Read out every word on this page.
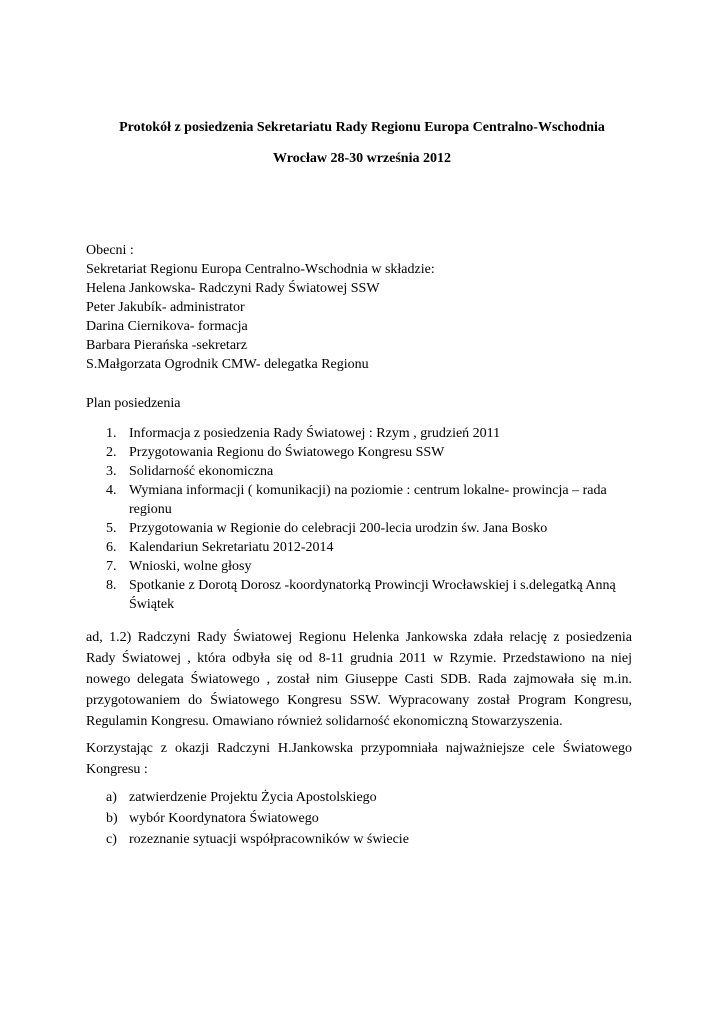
Protokół z posiedzenia Sekretariatu Rady Regionu Europa Centralno-Wschodnia
Wrocław 28-30 września 2012
Obecni :
Sekretariat Regionu Europa Centralno-Wschodnia w składzie:
Helena Jankowska- Radczyni Rady Światowej SSW
Peter Jakubík- administrator
Darina Ciernikova- formacja
Barbara Pierańska -sekretarz
S.Małgorzata Ogrodnik CMW- delegatka Regionu
Plan posiedzenia
1. Informacja z posiedzenia Rady Światowej : Rzym , grudzień 2011
2. Przygotowania Regionu do Światowego Kongresu SSW
3. Solidarność ekonomiczna
4. Wymiana informacji ( komunikacji) na poziomie : centrum lokalne- prowincja – rada regionu
5. Przygotowania w Regionie do celebracji 200-lecia urodzin św. Jana Bosko
6. Kalendariun Sekretariatu 2012-2014
7. Wnioski, wolne głosy
8. Spotkanie z Dorotą Dorosz -koordynatorką Prowincji Wrocławskiej i s.delegatką Anną Świątek
ad, 1.2) Radczyni Rady Światowej Regionu Helenka Jankowska zdała relację z posiedzenia
Rady Światowej , która odbyła się od 8-11 grudnia 2011 w Rzymie. Przedstawiono na niej
nowego delegata Światowego , został nim Giuseppe Casti SDB. Rada zajmowała się m.in.
przygotowaniem do Światowego Kongresu SSW. Wypracowany został Program Kongresu,
Regulamin Kongresu. Omawiano również solidarność ekonomiczną Stowarzyszenia.
Korzystając z okazji Radczyni H.Jankowska przypomniała najważniejsze cele Światowego
Kongresu :
a) zatwierdzenie Projektu Życia Apostolskiego
b) wybór Koordynatora Światowego
c) rozeznanie sytuacji współpracowników w świecie
